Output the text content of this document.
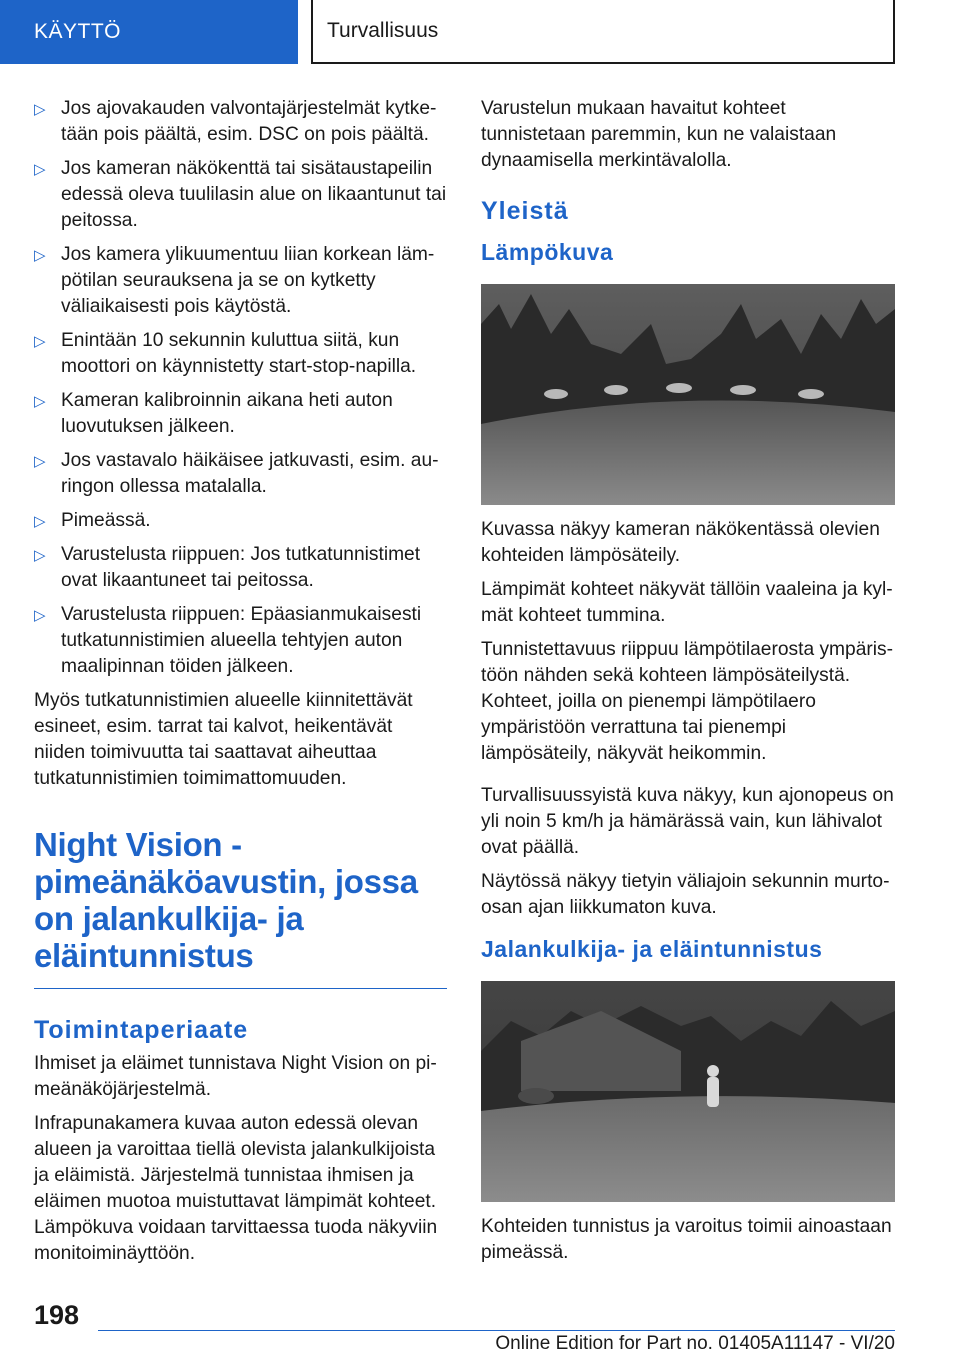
KÄYTTÖ	Turvallisuus
▷ Jos ajovakauden valvontajärjestelmät kytketään pois päältä, esim. DSC on pois päältä.
▷ Jos kameran näkökenttä tai sisätaustapeilin edessä oleva tuulilasin alue on likaantunut tai peitossa.
▷ Jos kamera ylikuumentuu liian korkean lämpötilan seurauksena ja se on kytketty väliaikaisesti pois käytöstä.
▷ Enintään 10 sekunnin kuluttua siitä, kun moottori on käynnistetty start-stop-napilla.
▷ Kameran kalibroinnin aikana heti auton luovutuksen jälkeen.
▷ Jos vastavalo häikäisee jatkuvasti, esim. auringon ollessa matalalla.
▷ Pimeässä.
▷ Varustelusta riippuen: Jos tutkatunnistimet ovat likaantuneet tai peitossa.
▷ Varustelusta riippuen: Epäasianmukaisesti tutkatunnistimien alueella tehtyjen auton maalipinnan töiden jälkeen.

Myös tutkatunnistimien alueelle kiinnitettävät esineet, esim. tarrat tai kalvot, heikentävät niiden toimivuutta tai saattavat aiheuttaa tutkatunnistimien toimimattomuuden.

Night Vision - pimeänäköavustin, jossa on jalankulkija- ja eläintunnistus
Toimintaperiaate

Ihmiset ja eläimet tunnistava Night Vision on pimeänäköjärjestelmä.

Infrapunakamera kuvaa auton edessä olevan alueen ja varoittaa tiellä olevista jalankulkijoista ja eläimistä. Järjestelmä tunnistaa ihmisen ja eläimen muotoa muistuttavat lämpimät kohteet. Lämpökuva voidaan tarvittaessa tuoda näkyviin monitoiminäyttöön.

Varustelun mukaan havaitut kohteet tunnistetaan paremmin, kun ne valaistaan dynaamisella merkintävalolla.

Yleistä
Lämpökuva

Kuvassa näkyy kameran näkökentässä olevien kohteiden lämpösäteily.

Lämpimät kohteet näkyvät tällöin vaaleina ja kylmät kohteet tummina.

Tunnistettavuus riippuu lämpötilaerosta ympäristöön nähden sekä kohteen lämpösäteilystä. Kohteet, joilla on pienempi lämpötilaero ympäristöön verrattuna tai pienempi lämpösäteily, näkyvät heikommin.

Turvallisuussyistä kuva näkyy, kun ajonopeus on yli noin 5 km/h ja hämärässä vain, kun lähivalot ovat päällä.

Näytössä näkyy tietyin väliajoin sekunnin murtoosan ajan liikkumaton kuva.

Jalankulkija- ja eläintunnistus

Kohteiden tunnistus ja varoitus toimii ainoastaan pimeässä.

198
Online Edition for Part no. 01405A11147 - VI/20
